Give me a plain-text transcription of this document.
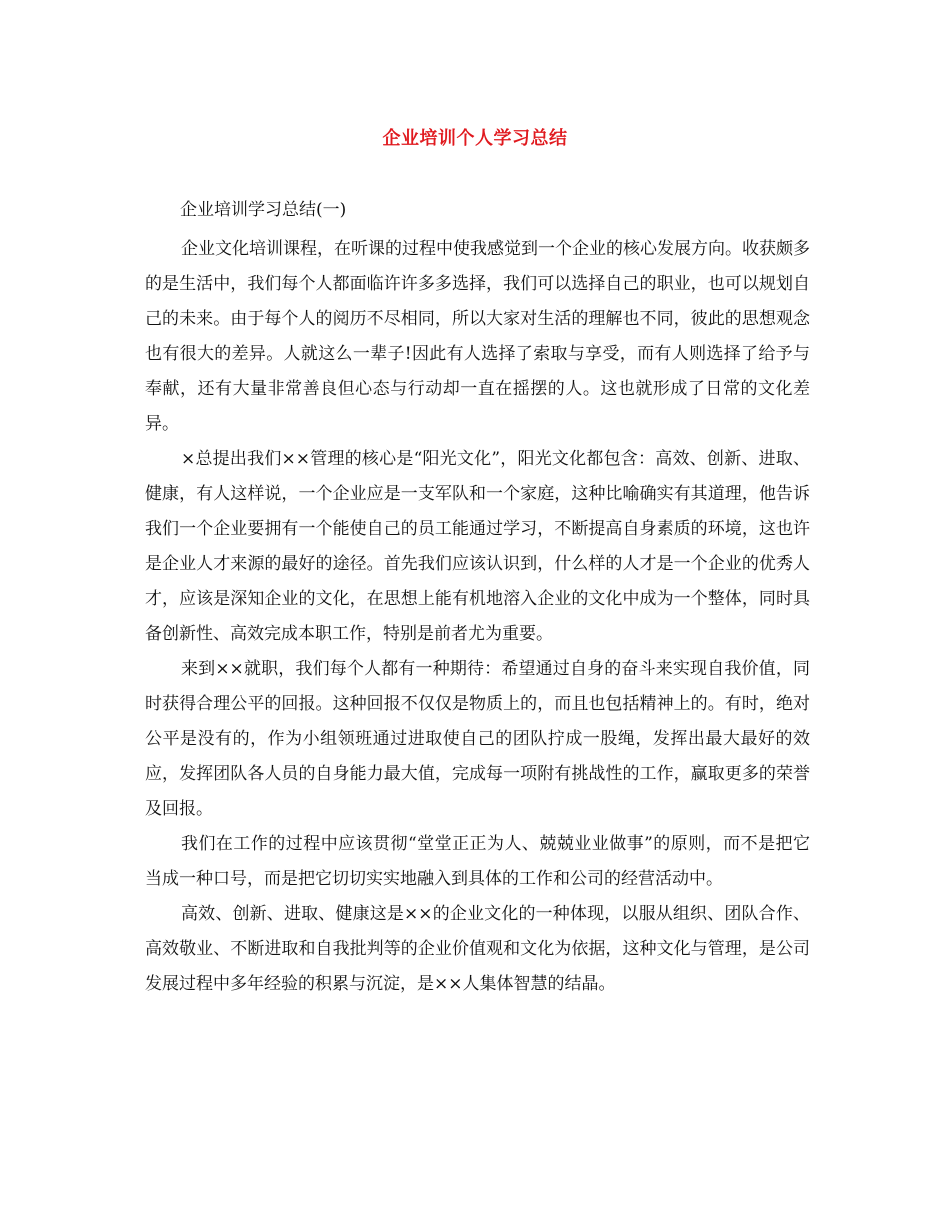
企业培训个人学习总结
企业培训学习总结(一)

企业文化培训课程，在听课的过程中使我感觉到一个企业的核心发展方向。收获颇多的是生活中，我们每个人都面临许许多多选择，我们可以选择自己的职业，也可以规划自己的未来。由于每个人的阅历不尽相同，所以大家对生活的理解也不同，彼此的思想观念也有很大的差异。人就这么一辈子!因此有人选择了索取与享受，而有人则选择了给予与奉献，还有大量非常善良但心态与行动却一直在摇摆的人。这也就形成了日常的文化差异。

×总提出我们××管理的核心是“阳光文化”，阳光文化都包含：高效、创新、进取、健康，有人这样说，一个企业应是一支军队和一个家庭，这种比喻确实有其道理，他告诉我们一个企业要拥有一个能使自己的员工能通过学习，不断提高自身素质的环境，这也许是企业人才来源的最好的途径。首先我们应该认识到，什么样的人才是一个企业的优秀人才，应该是深知企业的文化，在思想上能有机地溶入企业的文化中成为一个整体，同时具备创新性、高效完成本职工作，特别是前者尤为重要。

来到××就职，我们每个人都有一种期待：希望通过自身的奋斗来实现自我价值，同时获得合理公平的回报。这种回报不仅仅是物质上的，而且也包括精神上的。有时，绝对公平是没有的，作为小组领班通过进取使自己的团队拧成一股绳，发挥出最大最好的效应，发挥团队各人员的自身能力最大值，完成每一项附有挑战性的工作，赢取更多的荣誉及回报。

我们在工作的过程中应该贯彻“堂堂正正为人、兢兢业业做事”的原则，而不是把它当成一种口号，而是把它切切实实地融入到具体的工作和公司的经营活动中。

高效、创新、进取、健康这是××的企业文化的一种体现，以服从组织、团队合作、高效敬业、不断进取和自我批判等的企业价值观和文化为依据，这种文化与管理，是公司发展过程中多年经验的积累与沉淀，是××人集体智慧的结晶。
